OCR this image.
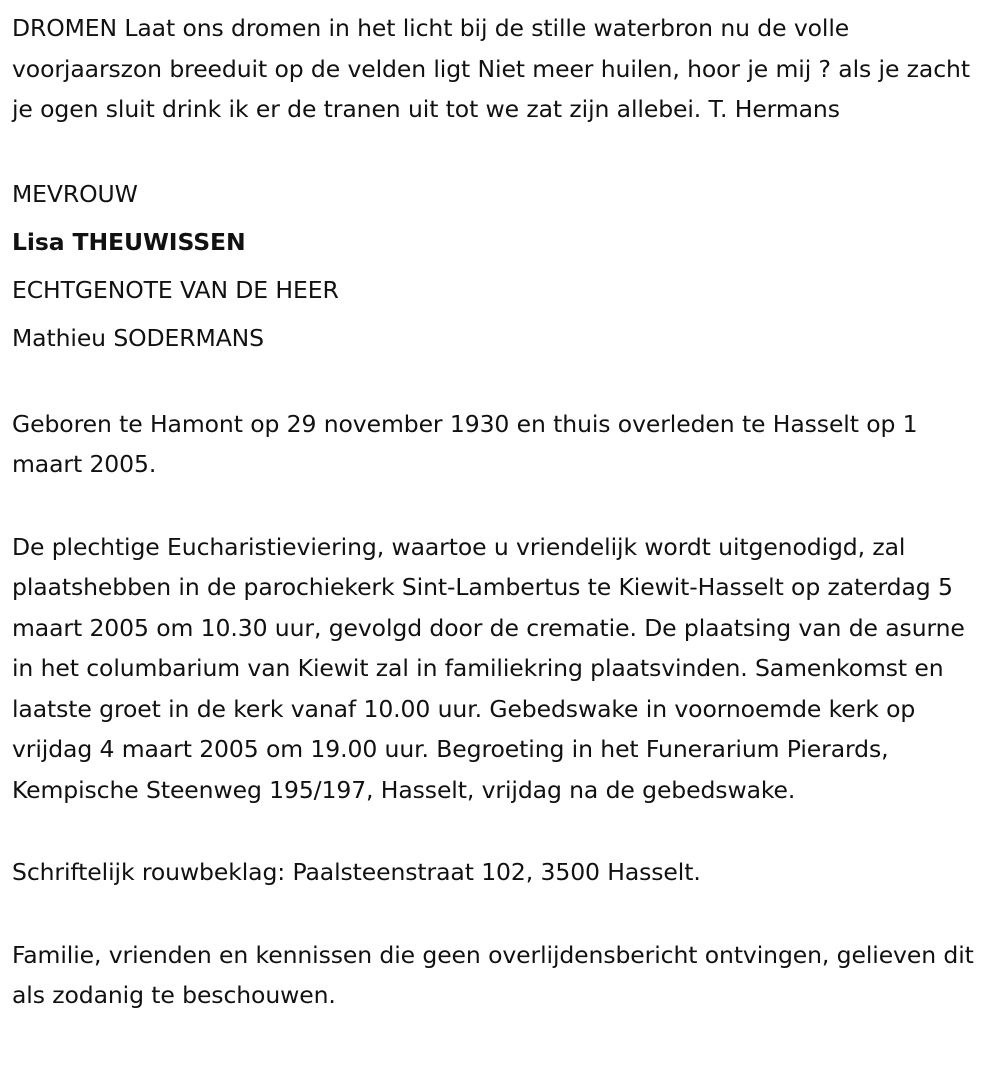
DROMEN Laat ons dromen in het licht bij de stille waterbron nu de volle voorjaarszon breeduit op de velden ligt Niet meer huilen, hoor je mij ? als je zacht je ogen sluit drink ik er de tranen uit tot we zat zijn allebei. T. Hermans

MEVROUW

Lisa THEUWISSEN

ECHTGENOTE VAN DE HEER

Mathieu SODERMANS

Geboren te Hamont op 29 november 1930 en thuis overleden te Hasselt op 1 maart 2005.

De plechtige Eucharistieviering, waartoe u vriendelijk wordt uitgenodigd, zal plaatshebben in de parochiekerk Sint-Lambertus te Kiewit-Hasselt op zaterdag 5 maart 2005 om 10.30 uur, gevolgd door de crematie. De plaatsing van de asurne in het columbarium van Kiewit zal in familiekring plaatsvinden. Samenkomst en laatste groet in de kerk vanaf 10.00 uur. Gebedswake in voornoemde kerk op vrijdag 4 maart 2005 om 19.00 uur. Begroeting in het Funerarium Pierards, Kempische Steenweg 195/197, Hasselt, vrijdag na de gebedswake.

Schriftelijk rouwbeklag: Paalsteenstraat 102, 3500 Hasselt.

Familie, vrienden en kennissen die geen overlijdensbericht ontvingen, gelieven dit als zodanig te beschouwen.
